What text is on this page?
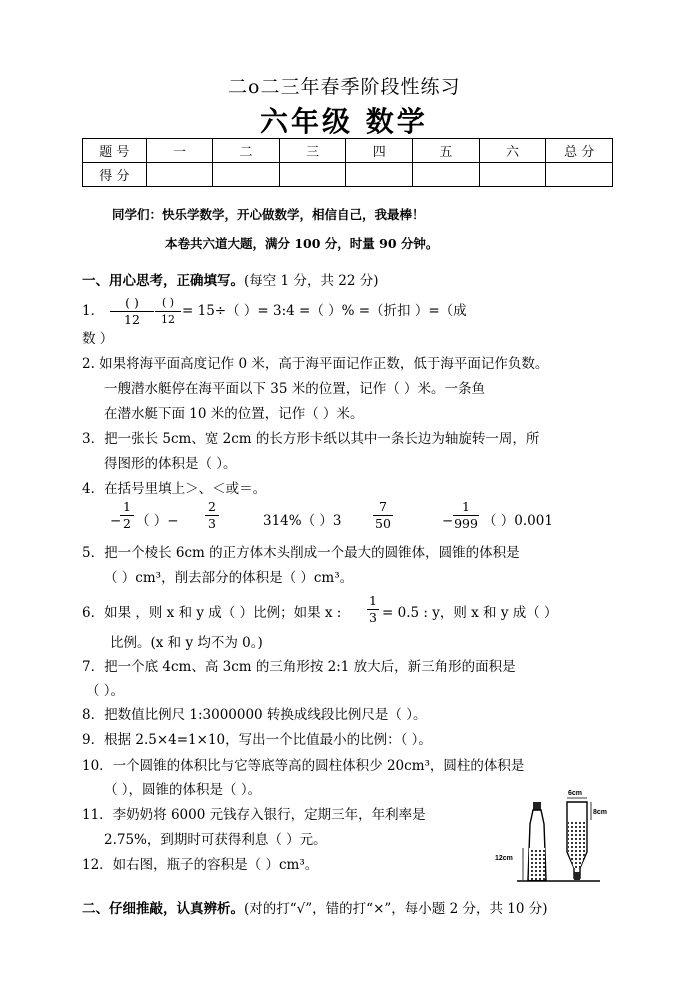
二o二三年春季阶段性练习
六年级 数学
题 号	一	二	三	四	五	六	总 分
得 分							
同学们：快乐学数学，开心做数学，相信自己，我最棒！
本卷共六道大题，满分 100 分，时量 90 分钟。
一、用心思考，正确填写。(每空 1 分，共 22 分)
1．
( )
12
( )
12
= 15÷（ ）= 3:4 =（ ）% =（折扣 ）=（成
数 ）
2. 如果将海平面高度记作 0 米，高于海平面记作正数，低于海平面记作负数。
一艘潜水艇停在海平面以下 35 米的位置，记作（ ）米。一条鱼
在潜水艇下面 10 米的位置，记作（ ）米。
3．把一张长 5cm、宽 2cm 的长方形卡纸以其中一条长边为轴旋转一周，所
得图形的体积是（ ）。
4．在括号里填上＞、＜或＝。
−
1
2 （ ）−
2
3	314%（ ）3
7
50	−
1
999 （ ）0.001
5．把一个棱长 6cm 的正方体木头削成一个最大的圆锥体，圆锥的体积是
（ ）cm³，削去部分的体积是（ ）cm³。
6．如果 ，则 x 和 y 成（ ）比例；如果 x :
1
3 = 0.5 : y，则 x 和 y 成（ ）
比例。(x 和 y 均不为 0。)
7．把一个底 4cm、高 3cm 的三角形按 2:1 放大后，新三角形的面积是
（ ）。
8．把数值比例尺 1:3000000 转换成线段比例尺是（ ）。
9．根据 2.5×4=1×10，写出一个比值最小的比例：（ ）。
10．一个圆锥的体积比与它等底等高的圆柱体积少 20cm³，圆柱的体积是
（ ），圆锥的体积是（ ）。
11．李奶奶将 6000 元钱存入银行，定期三年，年利率是
2.75%，到期时可获得利息（ ）元。
12．如右图，瓶子的容积是（ ）cm³。	12cm
6cm
8cm
二、仔细推敲，认真辨析。(对的打“√”，错的打“×”，每小题 2 分，共 10 分)
